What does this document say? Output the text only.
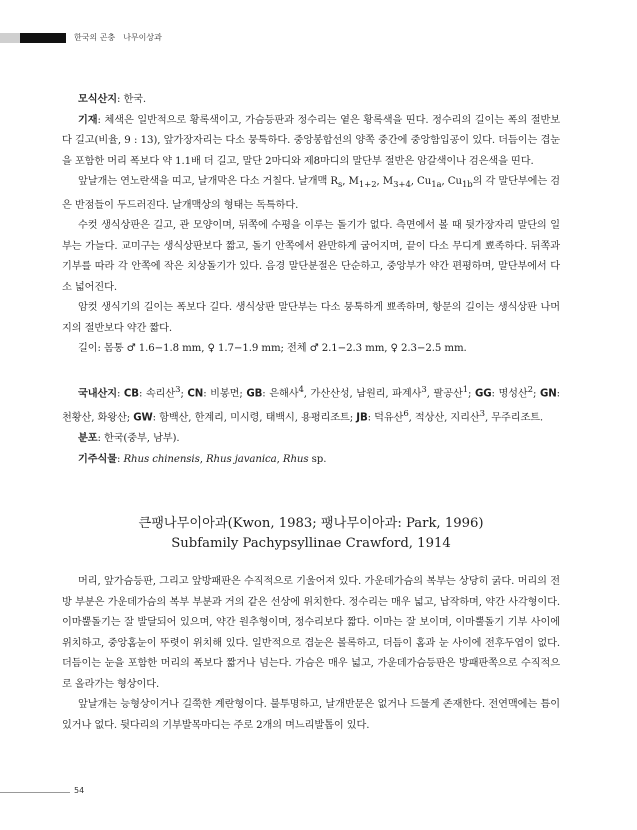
한국의 곤충 나무이상과

모식산지: 한국.

기재: 체색은 일반적으로 황록색이고, 가슴등판과 정수리는 옅은 황록색을 띤다. 정수리의 길이는 폭의 절반보다 길고(비율, 9 : 13), 앞가장자리는 다소 뭉툭하다. 중앙봉합선의 양쪽 중간에 중앙함입공이 있다. 더듬이는 겹눈을 포함한 머리 폭보다 약 1.1배 더 길고, 말단 2마디와 제8마디의 말단부 절반은 암갈색이나 검은색을 띤다.

앞날개는 연노란색을 띠고, 날개막은 다소 거칠다. 날개맥 $R_s$, $M_{1+2}$, $M_{3+4}$, $Cu_{1a}$, $Cu_{1b}$의 각 말단부에는 검은 반점들이 두드러진다. 날개맥상의 형태는 독특하다.

수컷 생식상판은 길고, 관 모양이며, 뒤쪽에 수평을 이루는 돌기가 없다. 측면에서 볼 때 뒷가장자리 말단의 일부는 가늘다. 교미구는 생식상판보다 짧고, 돌기 안쪽에서 완만하게 굽어지며, 끝이 다소 무디게 뾰족하다. 뒤쪽과 기부를 따라 각 안쪽에 작은 치상돌기가 있다. 음경 말단분절은 단순하고, 중앙부가 약간 편평하며, 말단부에서 다소 넓어진다.

암컷 생식기의 길이는 폭보다 길다. 생식상판 말단부는 다소 뭉툭하게 뾰족하며, 항문의 길이는 생식상판 나머지의 절반보다 약간 짧다.

길이: 몸통 ♂ 1.6−1.8 mm, ♀ 1.7−1.9 mm; 전체 ♂ 2.1−2.3 mm, ♀ 2.3−2.5 mm.

국내산지: CB: 속리산$^3$; CN: 비봉면; GB: 은해사$^4$, 가산산성, 남원리, 파계사$^3$, 팔공산$^1$; GG: 명성산$^2$; GN: 천황산, 화왕산; GW: 함백산, 한계리, 미시령, 태백시, 용평리조트; JB: 덕유산$^6$, 적상산, 지리산$^3$, 무주리조트.

분포: 한국(중부, 남부).

기주식물: Rhus chinensis, Rhus javanica, Rhus sp.

큰팽나무이아과(Kwon, 1983; 팽나무이아과: Park, 1996)

Subfamily Pachypsyllinae Crawford, 1914

머리, 앞가슴등판, 그리고 앞방패판은 수직적으로 기울어져 있다. 가운데가슴의 복부는 상당히 굵다. 머리의 전방 부분은 가운데가슴의 복부 부분과 거의 같은 선상에 위치한다. 정수리는 매우 넓고, 납작하며, 약간 사각형이다. 이마뿔돌기는 잘 발달되어 있으며, 약간 원추형이며, 정수리보다 짧다. 이마는 잘 보이며, 이마뿔돌기 기부 사이에 위치하고, 중앙홈눈이 뚜렷이 위치해 있다. 일반적으로 겹눈은 볼록하고, 더듬이 홈과 눈 사이에 전후두엽이 없다. 더듬이는 눈을 포함한 머리의 폭보다 짧거나 넘는다. 가슴은 매우 넓고, 가운데가슴등판은 방패판쪽으로 수직적으로 올라가는 형상이다.

앞날개는 능형상이거나 길쭉한 계란형이다. 불투명하고, 날개반문은 없거나 드물게 존재한다. 전연맥에는 틈이 있거나 없다. 뒷다리의 기부발목마디는 주로 2개의 며느리발톱이 있다.

54
